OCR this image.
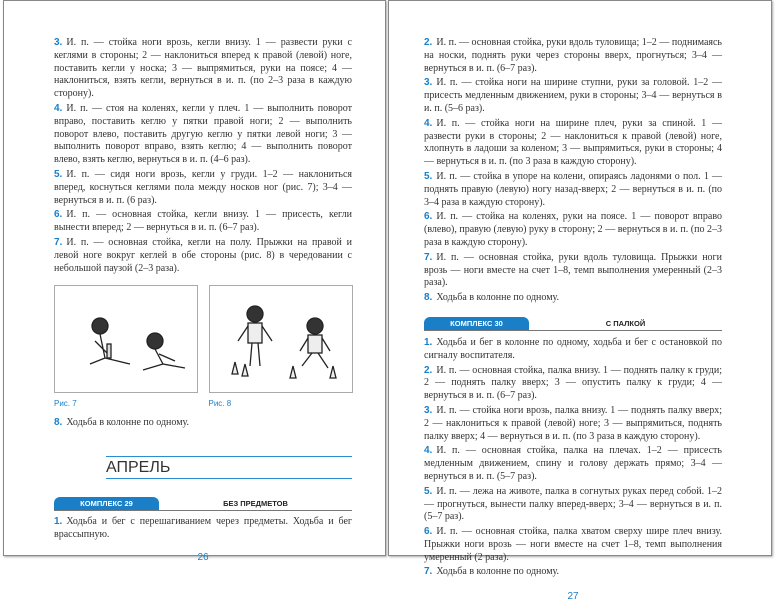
3. И. п. — стойка ноги врозь, кегли внизу. 1 — развести руки с кеглями в стороны; 2 — наклониться вперед к правой (левой) ноге, поставить кегли у носка; 3 — выпрямиться, руки на поясе; 4 — наклониться, взять кегли, вернуться в и. п. (по 2–3 раза в каждую сторону).
4. И. п. — стоя на коленях, кегли у плеч. 1 — выполнить поворот вправо, поставить кеглю у пятки правой ноги; 2 — выполнить поворот влево, поставить другую кеглю у пятки левой ноги; 3 — выполнить поворот вправо, взять кеглю; 4 — выполнить поворот влево, взять кеглю, вернуться в и. п. (4–6 раз).
5. И. п. — сидя ноги врозь, кегли у груди. 1–2 — наклониться вперед, коснуться кеглями пола между носков ног (рис. 7); 3–4 — вернуться в и. п. (6 раз).
6. И. п. — основная стойка, кегли внизу. 1 — присесть, кегли вынести вперед; 2 — вернуться в и. п. (6–7 раз).
7. И. п. — основная стойка, кегли на полу. Прыжки на правой и левой ноге вокруг кеглей в обе стороны (рис. 8) в чередовании с небольшой паузой (2–3 раза).
Рис. 7	Рис. 8
8. Ходьба в колонне по одному.
АПРЕЛЬ
КОМПЛЕКС 29	БЕЗ ПРЕДМЕТОВ
1. Ходьба и бег с перешагиванием через предметы. Ходьба и бег врассыпную.
26
2. И. п. — основная стойка, руки вдоль туловища; 1–2 — поднимаясь на носки, поднять руки через стороны вверх, прогнуться; 3–4 — вернуться в и. п. (6–7 раз).
3. И. п. — стойка ноги на ширине ступни, руки за головой. 1–2 — присесть медленным движением, руки в стороны; 3–4 — вернуться в и. п. (5–6 раз).
4. И. п. — стойка ноги на ширине плеч, руки за спиной. 1 — развести руки в стороны; 2 — наклониться к правой (левой) ноге, хлопнуть в ладоши за коленом; 3 — выпрямиться, руки в стороны; 4 — вернуться в и. п. (по 3 раза в каждую сторону).
5. И. п. — стойка в упоре на колени, опираясь ладонями о пол. 1 — поднять правую (левую) ногу назад-вверх; 2 — вернуться в и. п. (по 3–4 раза в каждую сторону).
6. И. п. — стойка на коленях, руки на поясе. 1 — поворот вправо (влево), правую (левую) руку в сторону; 2 — вернуться в и. п. (по 2–3 раза в каждую сторону).
7. И. п. — основная стойка, руки вдоль туловища. Прыжки ноги врозь — ноги вместе на счет 1–8, темп выполнения умеренный (2–3 раза).
8. Ходьба в колонне по одному.
КОМПЛЕКС 30	С ПАЛКОЙ
1. Ходьба и бег в колонне по одному, ходьба и бег с остановкой по сигналу воспитателя.
2. И. п. — основная стойка, палка внизу. 1 — поднять палку к груди; 2 — поднять палку вверх; 3 — опустить палку к груди; 4 — вернуться в и. п. (6–7 раз).
3. И. п. — стойка ноги врозь, палка внизу. 1 — поднять палку вверх; 2 — наклониться к правой (левой) ноге; 3 — выпрямиться, поднять палку вверх; 4 — вернуться в и. п. (по 3 раза в каждую сторону).
4. И. п. — основная стойка, палка на плечах. 1–2 — присесть медленным движением, спину и голову держать прямо; 3–4 — вернуться в и. п. (5–7 раз).
5. И. п. — лежа на животе, палка в согнутых руках перед собой. 1–2 — прогнуться, вынести палку вперед-вверх; 3–4 — вернуться в и. п. (5–7 раз).
6. И. п. — основная стойка, палка хватом сверху шире плеч внизу. Прыжки ноги врозь — ноги вместе на счет 1–8, темп выполнения умеренный (2 раза).
7. Ходьба в колонне по одному.
27
